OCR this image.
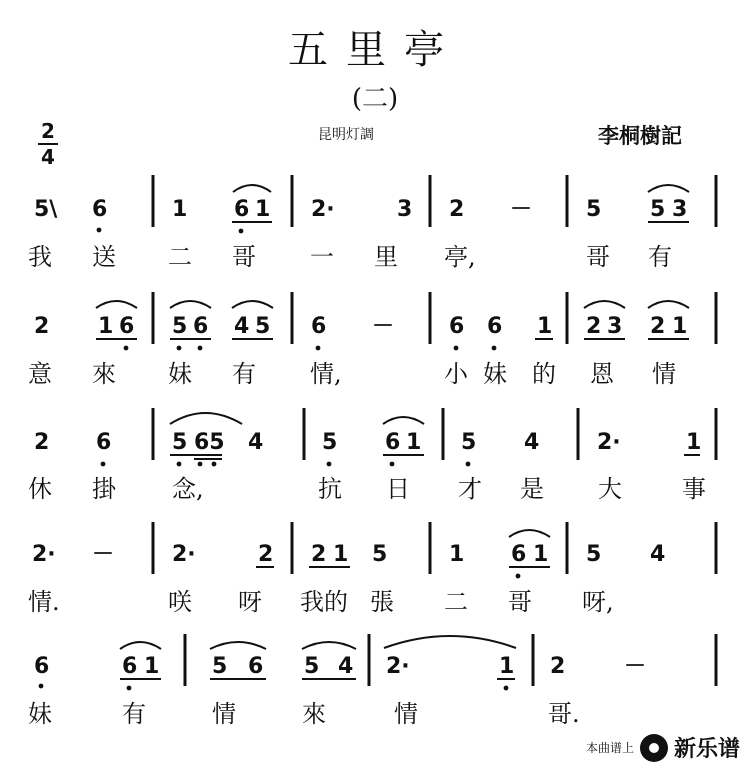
五里亭
(二)
昆明灯調	李桐樹記
2
4
5\ 6	1 6 1 2·	3 2 － 5 5 3
我 送 二 哥 一 里 亭,	哥 有
2 1 6 5 6 4 5 6 － 6 6 1 2 3 2 1
意 來 妹 有 情,	小 妹 的 恩 情
2 6	5 65 4	5 6 1 5 4	2·	1
休 掛 念,	抗 日 才 是 大	事
2· －	2·	2 2 1 5	1 6 1 5 4
情.	咲 呀 我的 張 二 哥 呀,
6	6 1 5 6 5 4 2·	1 2	－
妹	有	情	來	情	哥.
本曲谱上 新乐谱
